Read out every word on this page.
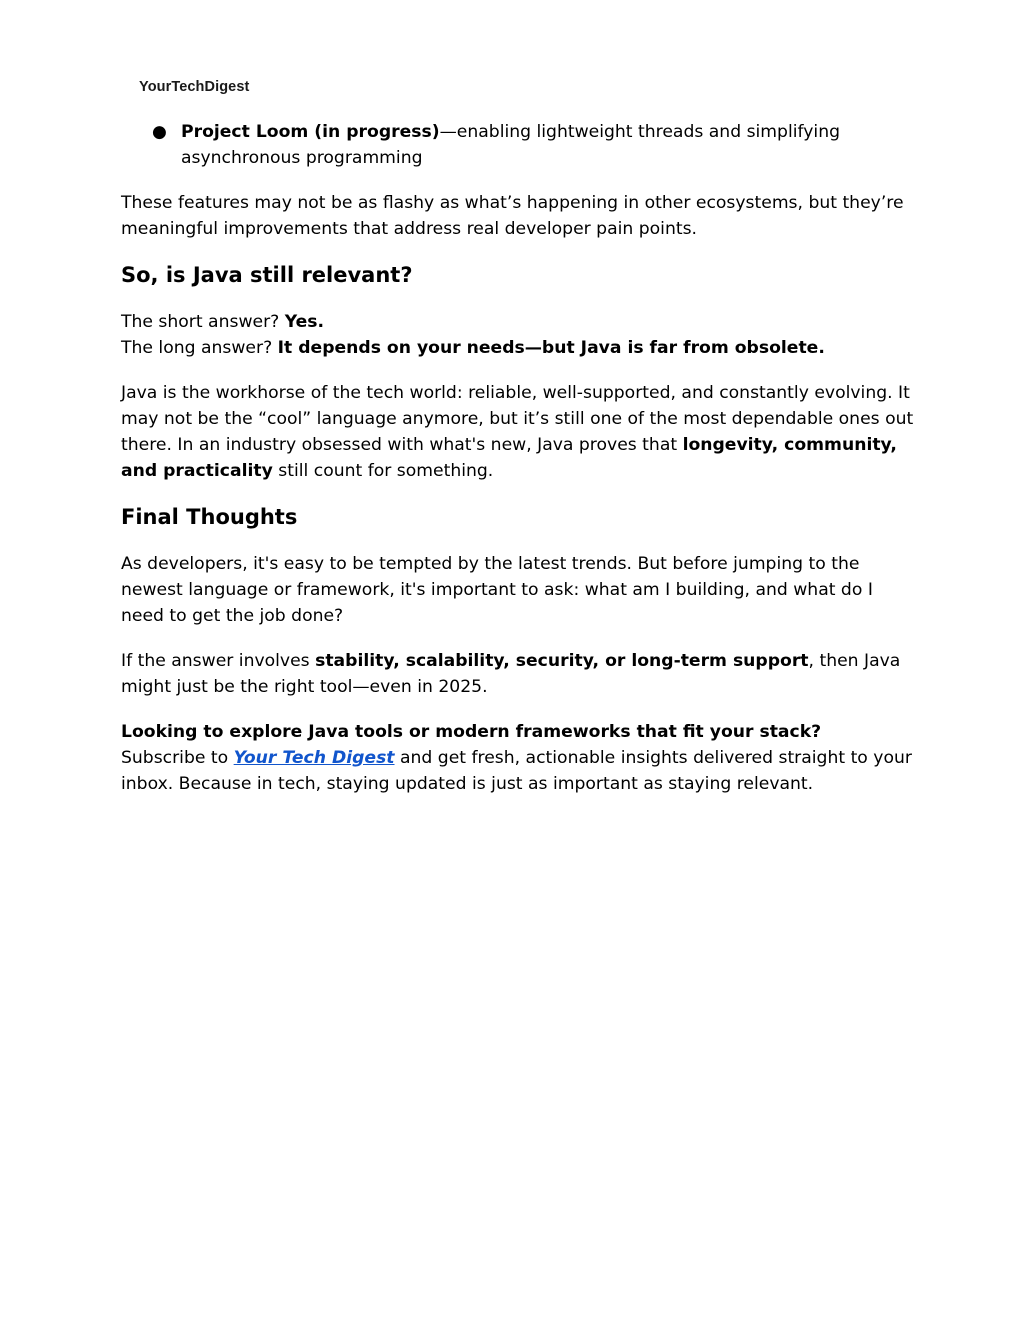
YourTechDigest
● Project Loom (in progress)—enabling lightweight threads and simplifying asynchronous programming

These features may not be as flashy as what’s happening in other ecosystems, but they’re meaningful improvements that address real developer pain points.

So, is Java still relevant?

The short answer? Yes.
The long answer? It depends on your needs—but Java is far from obsolete.

Java is the workhorse of the tech world: reliable, well-supported, and constantly evolving. It may not be the “cool” language anymore, but it’s still one of the most dependable ones out there. In an industry obsessed with what's new, Java proves that longevity, community, and practicality still count for something.

Final Thoughts

As developers, it's easy to be tempted by the latest trends. But before jumping to the newest language or framework, it's important to ask: what am I building, and what do I need to get the job done?

If the answer involves stability, scalability, security, or long-term support, then Java might just be the right tool—even in 2025.

Looking to explore Java tools or modern frameworks that fit your stack?
Subscribe to Your Tech Digest and get fresh, actionable insights delivered straight to your inbox. Because in tech, staying updated is just as important as staying relevant.
